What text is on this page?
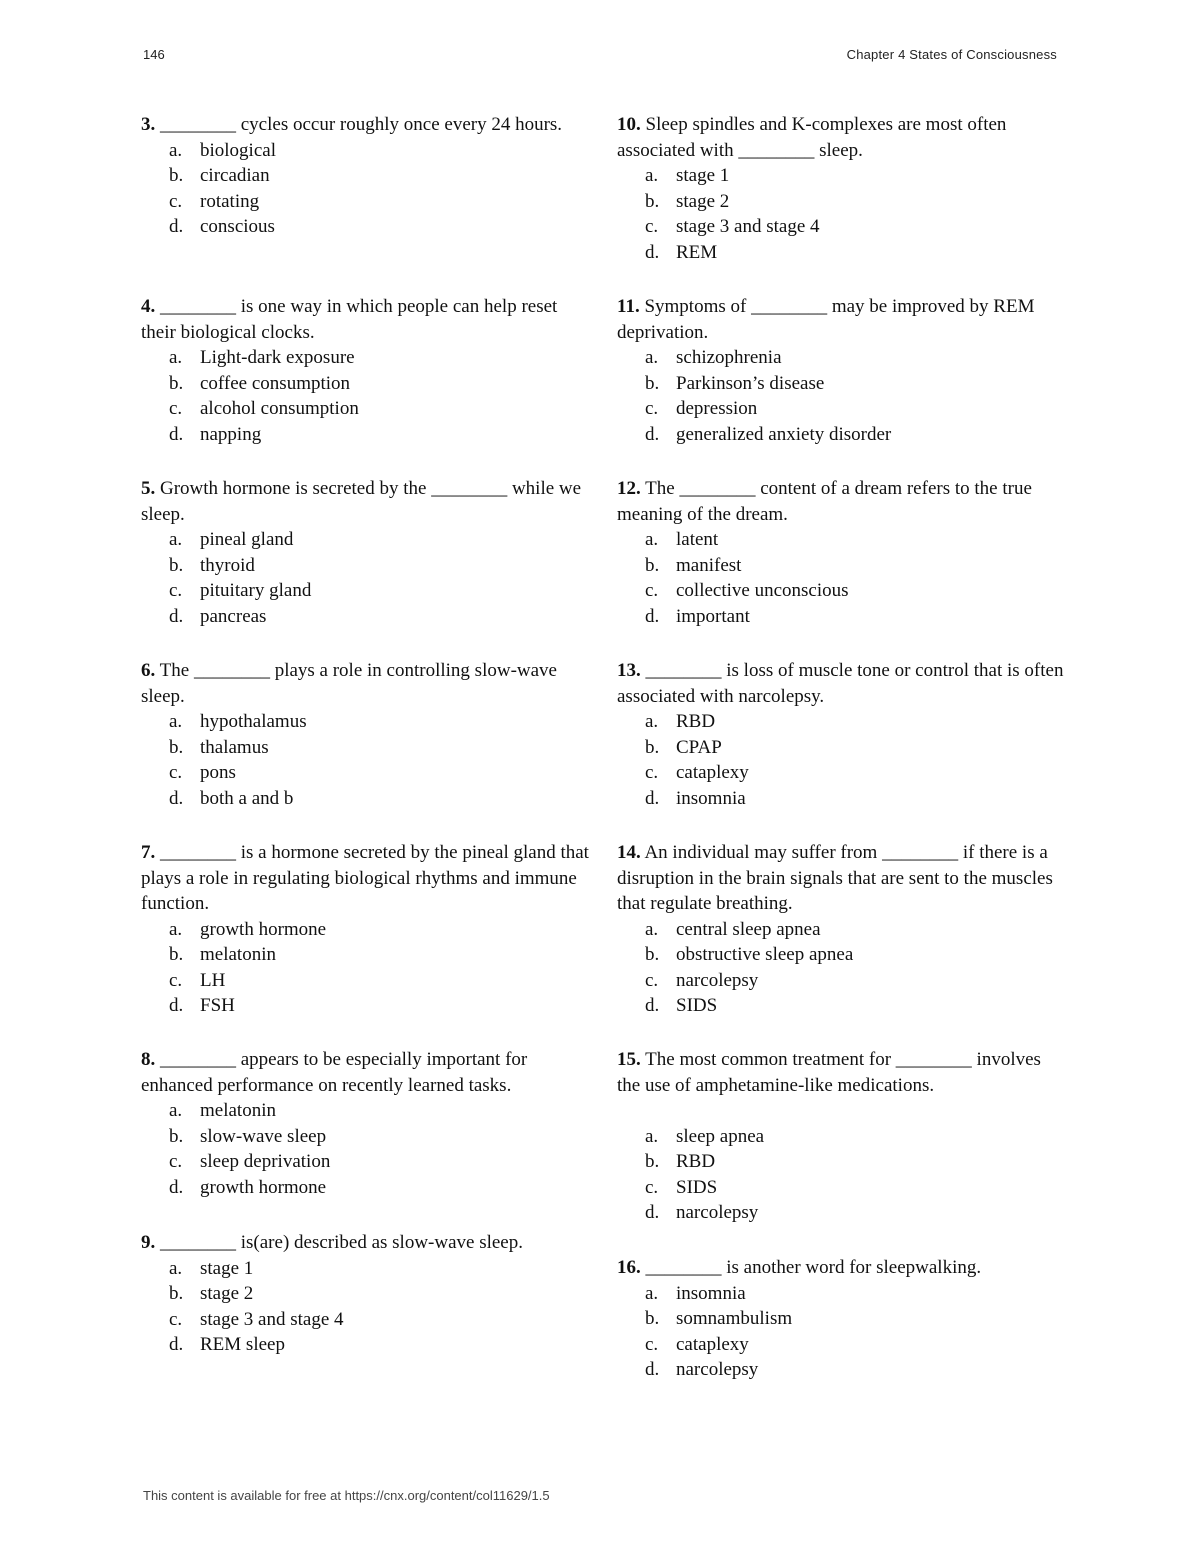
146	Chapter 4 States of Consciousness

3. ________ cycles occur roughly once every 24 hours.

a. biological
b. circadian
c. rotating
d. conscious

4. ________ is one way in which people can help reset their biological clocks.

a. Light-dark exposure
b. coffee consumption
c. alcohol consumption
d. napping

5. Growth hormone is secreted by the ________ while we sleep.

a. pineal gland
b. thyroid
c. pituitary gland
d. pancreas

6. The ________ plays a role in controlling slow-wave sleep.

a. hypothalamus
b. thalamus
c. pons
d. both a and b

7. ________ is a hormone secreted by the pineal gland that plays a role in regulating biological rhythms and immune function.

a. growth hormone
b. melatonin
c. LH
d. FSH

8. ________ appears to be especially important for enhanced performance on recently learned tasks.

a. melatonin
b. slow-wave sleep
c. sleep deprivation
d. growth hormone

9. ________ is(are) described as slow-wave sleep.

a. stage 1
b. stage 2
c. stage 3 and stage 4
d. REM sleep

10. Sleep spindles and K-complexes are most often associated with ________ sleep.

a. stage 1
b. stage 2
c. stage 3 and stage 4
d. REM

11. Symptoms of ________ may be improved by REM deprivation.

a. schizophrenia
b. Parkinson’s disease
c. depression
d. generalized anxiety disorder

12. The ________ content of a dream refers to the true meaning of the dream.

a. latent
b. manifest
c. collective unconscious
d. important

13. ________ is loss of muscle tone or control that is often associated with narcolepsy.

a. RBD
b. CPAP
c. cataplexy
d. insomnia

14. An individual may suffer from ________ if there is a disruption in the brain signals that are sent to the muscles that regulate breathing.

a. central sleep apnea
b. obstructive sleep apnea
c. narcolepsy
d. SIDS

15. The most common treatment for ________ involves the use of amphetamine-like medications.

a. sleep apnea
b. RBD
c. SIDS
d. narcolepsy

16. ________ is another word for sleepwalking.

a. insomnia
b. somnambulism
c. cataplexy
d. narcolepsy
This content is available for free at https://cnx.org/content/col11629/1.5
